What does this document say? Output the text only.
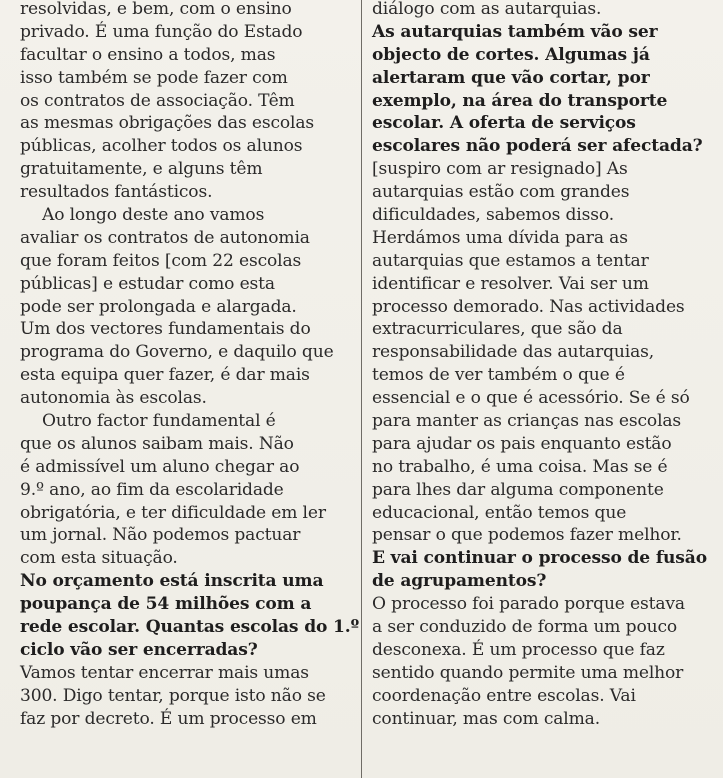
resolvidas, e bem, com o ensino
privado. É uma função do Estado
facultar o ensino a todos, mas
isso também se pode fazer com
os contratos de associação. Têm
as mesmas obrigações das escolas
públicas, acolher todos os alunos
gratuitamente, e alguns têm
resultados fantásticos.
Ao longo deste ano vamos
avaliar os contratos de autonomia
que foram feitos [com 22 escolas
públicas] e estudar como esta
pode ser prolongada e alargada.
Um dos vectores fundamentais do
programa do Governo, e daquilo que
esta equipa quer fazer, é dar mais
autonomia às escolas.
Outro factor fundamental é
que os alunos saibam mais. Não
é admissível um aluno chegar ao
9.º ano, ao fim da escolaridade
obrigatória, e ter dificuldade em ler
um jornal. Não podemos pactuar
com esta situação.
No orçamento está inscrita uma
poupança de 54 milhões com a
rede escolar. Quantas escolas do 1.º
ciclo vão ser encerradas?
Vamos tentar encerrar mais umas
300. Digo tentar, porque isto não se
faz por decreto. É um processo em
diálogo com as autarquias.
As autarquias também vão ser
objecto de cortes. Algumas já
alertaram que vão cortar, por
exemplo, na área do transporte
escolar. A oferta de serviços
escolares não poderá ser afectada?
[suspiro com ar resignado] As
autarquias estão com grandes
dificuldades, sabemos disso.
Herdámos uma dívida para as
autarquias que estamos a tentar
identificar e resolver. Vai ser um
processo demorado. Nas actividades
extracurriculares, que são da
responsabilidade das autarquias,
temos de ver também o que é
essencial e o que é acessório. Se é só
para manter as crianças nas escolas
para ajudar os pais enquanto estão
no trabalho, é uma coisa. Mas se é
para lhes dar alguma componente
educacional, então temos que
pensar o que podemos fazer melhor.
E vai continuar o processo de fusão
de agrupamentos?
O processo foi parado porque estava
a ser conduzido de forma um pouco
desconexa. É um processo que faz
sentido quando permite uma melhor
coordenação entre escolas. Vai
continuar, mas com calma.
